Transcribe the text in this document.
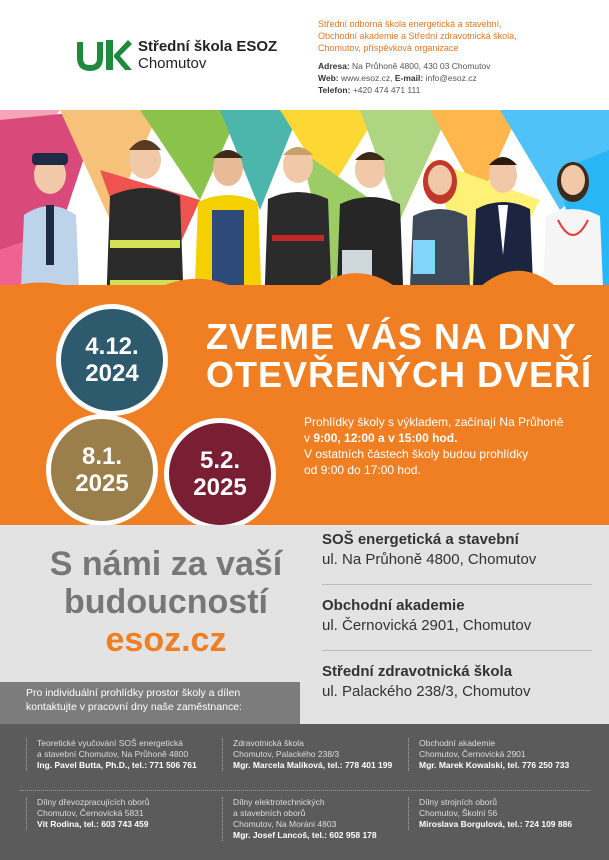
Střední škola ESOZ
Chomutov
Střední odborná škola energetická a stavební,
Obchodní akademie a Střední zdravotnická škola,
Chomutov, příspěvková organizace
Adresa: Na Průhoně 4800, 430 03 Chomutov
Web: www.esoz.cz, E-mail: info@esoz.cz
Telefon: +420 474 471 111
4.12.
2024
8.1.
2025
5.2.
2025
ZVEME VÁS NA DNY
OTEVŘENÝCH DVEŘÍ
Prohlídky školy s výkladem, začínají Na Průhoně
v 9:00, 12:00 a v 15:00 hod.
V ostatních částech školy budou prohlídky
od 9:00 do 17:00 hod.
S námi za vaší
budoucností
esoz.cz
SOŠ energetická a stavební
ul. Na Průhoně 4800, Chomutov
Obchodní akademie
ul. Černovická 2901, Chomutov
Střední zdravotnická škola
ul. Palackého 238/3, Chomutov
Pro individuální prohlídky prostor školy a dílen
kontaktujte v pracovní dny naše zaměstnance:
Teoretické vyučování SOŠ energetická
a stavební Chomutov, Na Průhoně 4800
Ing. Pavel Butta, Ph.D., tel.: 771 506 761
Zdravotnická škola
Chomutov, Palackého 238/3
Mgr. Marcela Malíková, tel.: 778 401 199
Obchodní akademie
Chomutov, Černovická 2901
Mgr. Marek Kowalski, tel. 776 250 733
Dílny dřevozpracujících oborů
Chomutov, Černovická 5831
Vít Rodina, tel.: 603 743 459
Dílny elektrotechnických
a stavebních oborů
Chomutov, Na Moráni 4803
Mgr. Josef Lancoš, tel.: 602 958 178
Dílny strojních oborů
Chomutov, Školní 56
Miroslava Borgulová, tel.: 724 109 886
